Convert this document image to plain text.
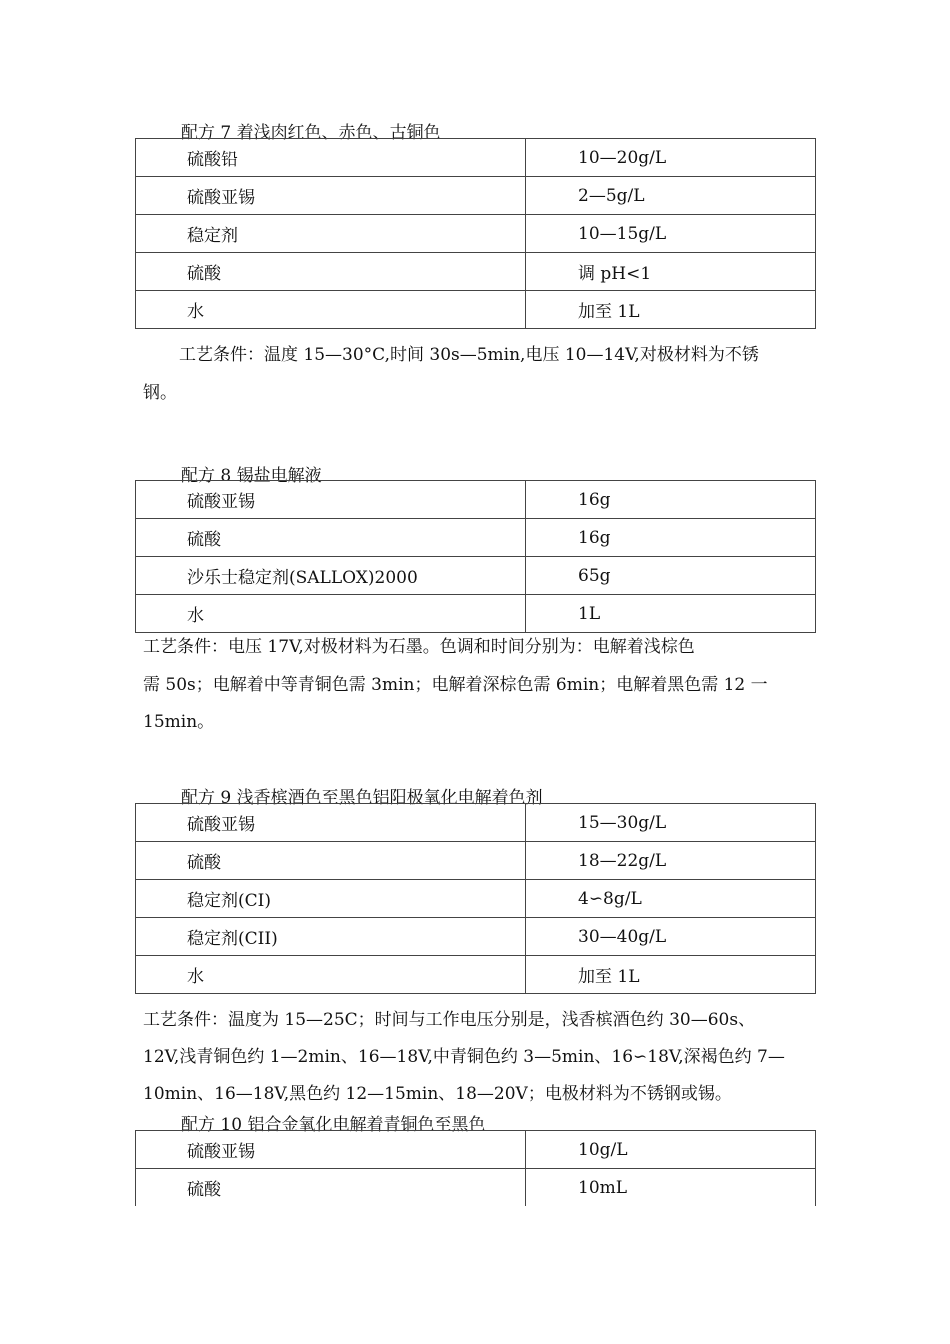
配方 7 着浅肉红色、赤色、古铜色
硫酸铅	10—20g/L
硫酸亚锡	2—5g/L
稳定剂	10—15g/L
硫酸	调 pH<1
水	加至 1L
工艺条件：温度 15—30°C,时间 30s—5min,电压 10—14V,对极材料为不锈
钢。
配方 8 锡盐电解液
硫酸亚锡	16g
硫酸	16g
沙乐士稳定剂(SALLOX)2000	65g
水	1L
工艺条件：电压 17V,对极材料为石墨。色调和时间分别为：电解着浅棕色
需 50s；电解着中等青铜色需 3min；电解着深棕色需 6min；电解着黑色需 12 一
15min。
配方 9 浅香槟酒色至黑色铝阳极氧化电解着色剂
硫酸亚锡	15—30g/L
硫酸	18—22g/L
稳定剂(CI)	4∽8g/L
稳定剂(CII)	30—40g/L
水	加至 1L
工艺条件：温度为 15—25C；时间与工作电压分别是，浅香槟酒色约 30—60s、
12V,浅青铜色约 1—2min、16—18V,中青铜色约 3—5min、16∽18V,深褐色约 7—
10min、16—18V,黑色约 12—15min、18—20V；电极材料为不锈钢或锡。
配方 10 铝合金氧化电解着青铜色至黑色
硫酸亚锡	10g/L
硫酸	10mL
